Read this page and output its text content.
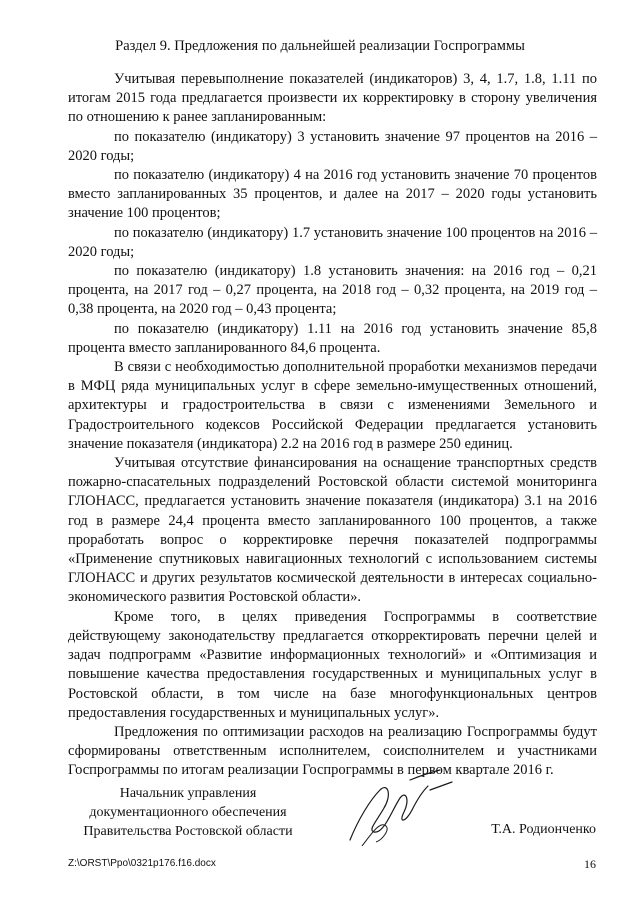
Раздел 9. Предложения по дальнейшей реализации Госпрограммы

Учитывая перевыполнение показателей (индикаторов) 3, 4, 1.7, 1.8, 1.11 по итогам 2015 года предлагается произвести их корректировку в сторону увеличения по отношению к ранее запланированным:

по показателю (индикатору) 3 установить значение 97 процентов на 2016 – 2020 годы;

по показателю (индикатору) 4 на 2016 год установить значение 70 процентов вместо запланированных 35 процентов, и далее на 2017 – 2020 годы установить значение 100 процентов;

по показателю (индикатору) 1.7 установить значение 100 процентов на 2016 – 2020 годы;

по показателю (индикатору) 1.8 установить значения: на 2016 год – 0,21 процента, на 2017 год – 0,27 процента, на 2018 год – 0,32 процента, на 2019 год – 0,38 процента, на 2020 год – 0,43 процента;

по показателю (индикатору) 1.11 на 2016 год установить значение 85,8 процента вместо запланированного 84,6 процента.

В связи с необходимостью дополнительной проработки механизмов передачи в МФЦ ряда муниципальных услуг в сфере земельно-имущественных отношений, архитектуры и градостроительства в связи с изменениями Земельного и Градостроительного кодексов Российской Федерации предлагается установить значение показателя (индикатора) 2.2 на 2016 год в размере 250 единиц.

Учитывая отсутствие финансирования на оснащение транспортных средств пожарно-спасательных подразделений Ростовской области системой мониторинга ГЛОНАСС, предлагается установить значение показателя (индикатора) 3.1 на 2016 год в размере 24,4 процента вместо запланированного 100 процентов, а также проработать вопрос о корректировке перечня показателей подпрограммы «Применение спутниковых навигационных технологий с использованием системы ГЛОНАСС и других результатов космической деятельности в интересах социально-экономического развития Ростовской области».

Кроме того, в целях приведения Госпрограммы в соответствие действующему законодательству предлагается откорректировать перечни целей и задач подпрограмм «Развитие информационных технологий» и «Оптимизация и повышение качества предоставления государственных и муниципальных услуг в Ростовской области, в том числе на базе многофункциональных центров предоставления государственных и муниципальных услуг».

Предложения по оптимизации расходов на реализацию Госпрограммы будут сформированы ответственным исполнителем, соисполнителем и участниками Госпрограммы по итогам реализации Госпрограммы в первом квартале 2016 г.

Начальник управления
документационного обеспечения
Правительства Ростовской области	Т.А. Родионченко
Z:\ORST\Ppo\0321p176.f16.docx	16
